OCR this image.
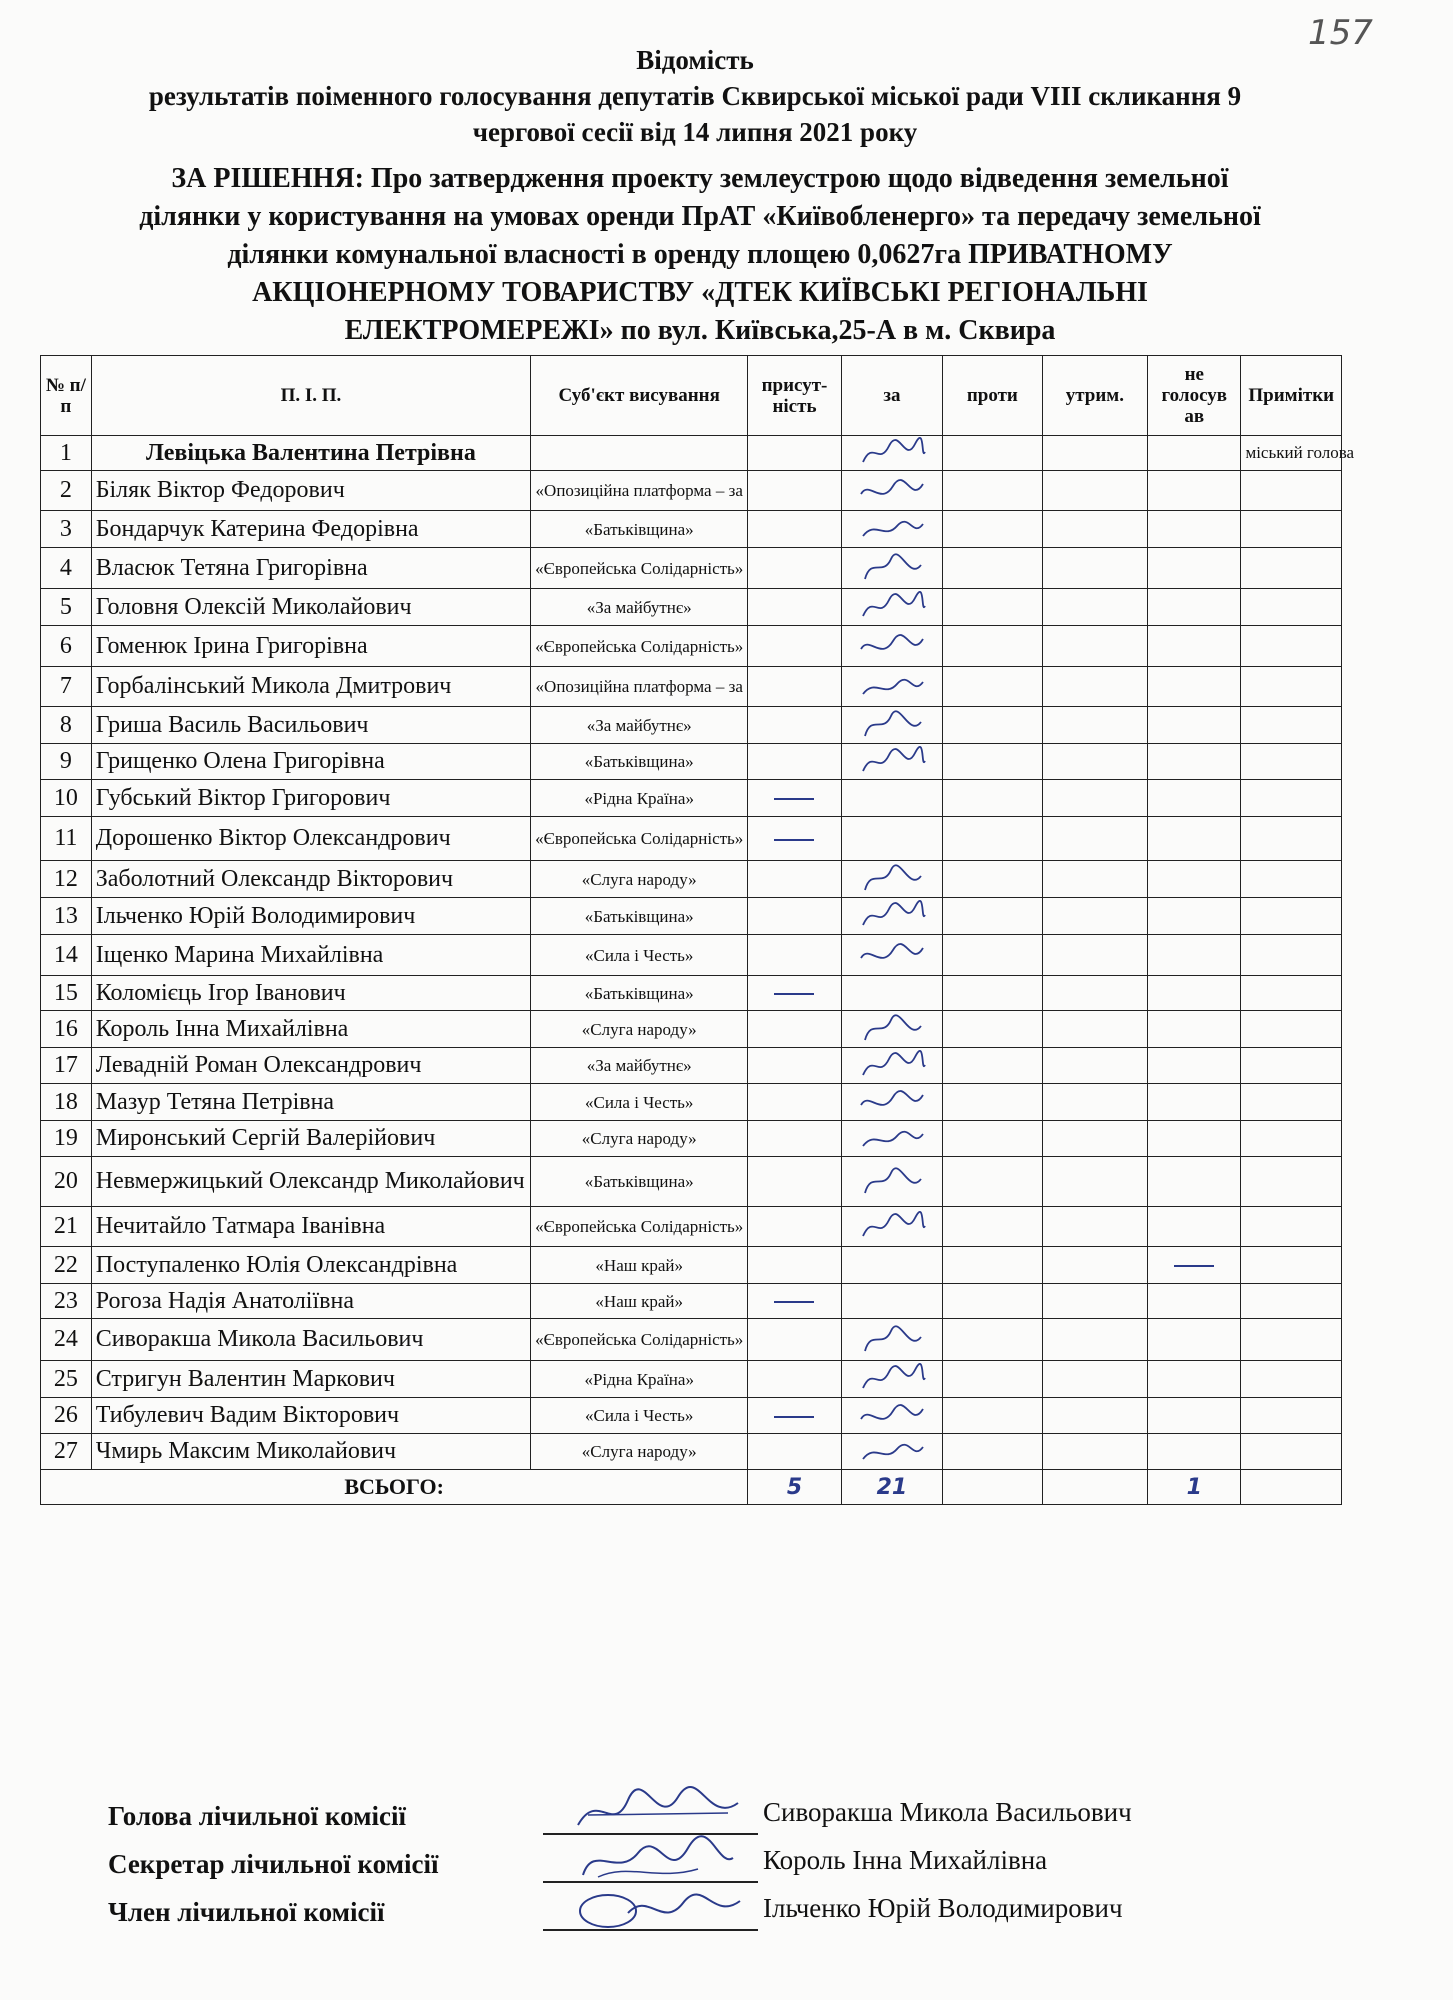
157
Відомість
результатів поіменного голосування депутатів Сквирської міської ради VIII скликання 9
чергової сесії від 14 липня 2021 року
ЗА РІШЕННЯ: Про затвердження проекту землеустрою щодо відведення земельної
ділянки у користування на умовах оренди ПрАТ «Київобленерго» та передачу земельної
ділянки комунальної власності в оренду площею 0,0627га ПРИВАТНОМУ
АКЦІОНЕРНОМУ ТОВАРИСТВУ «ДТЕК КИЇВСЬКІ РЕГІОНАЛЬНІ
ЕЛЕКТРОМЕРЕЖІ» по вул. Київська,25-А в м. Сквира
№ п/п	П. І. П.	Суб'єкт висування	присут-ність	за	проти	утрим.	не голосув ав	Примітки
1	Левіцька Валентина Петрівна							міський голова
2	Біляк Віктор Федорович	«Опозиційна платформа – за						
3	Бондарчук Катерина Федорівна	«Батьківщина»						
4	Власюк Тетяна Григорівна	«Європейська Солідарність»						
5	Головня Олексій Миколайович	«За майбутнє»						
6	Гоменюк Ірина Григорівна	«Європейська Солідарність»						
7	Горбалінський Микола Дмитрович	«Опозиційна платформа – за						
8	Гриша Василь Васильович	«За майбутнє»						
9	Грищенко Олена Григорівна	«Батьківщина»						
10	Губський Віктор Григорович	«Рідна Країна»						
11	Дорошенко Віктор Олександрович	«Європейська Солідарність»						
12	Заболотний Олександр Вікторович	«Слуга народу»						
13	Ільченко Юрій Володимирович	«Батьківщина»						
14	Іщенко Марина Михайлівна	«Сила і Честь»						
15	Коломієць Ігор Іванович	«Батьківщина»						
16	Король Інна Михайлівна	«Слуга народу»						
17	Левадній Роман Олександрович	«За майбутнє»						
18	Мазур Тетяна Петрівна	«Сила і Честь»						
19	Миронський Сергій Валерійович	«Слуга народу»						
20	Невмержицький Олександр Миколайович	«Батьківщина»						
21	Нечитайло Татмара Іванівна	«Європейська Солідарність»						
22	Поступаленко Юлія Олександрівна	«Наш край»						
23	Рогоза Надія Анатоліївна	«Наш край»						
24	Сиворакша Микола Васильович	«Європейська Солідарність»						
25	Стригун Валентин Маркович	«Рідна Країна»						
26	Тибулевич Вадим Вікторович	«Сила і Честь»						
27	Чмирь Максим Миколайович	«Слуга народу»						
ВСЬОГО:			5	21			1	
Голова лічильної комісії	Сиворакша Микола Васильович
Секретар лічильної комісії	Король Інна Михайлівна
Член лічильної комісії	Ільченко Юрій Володимирович
